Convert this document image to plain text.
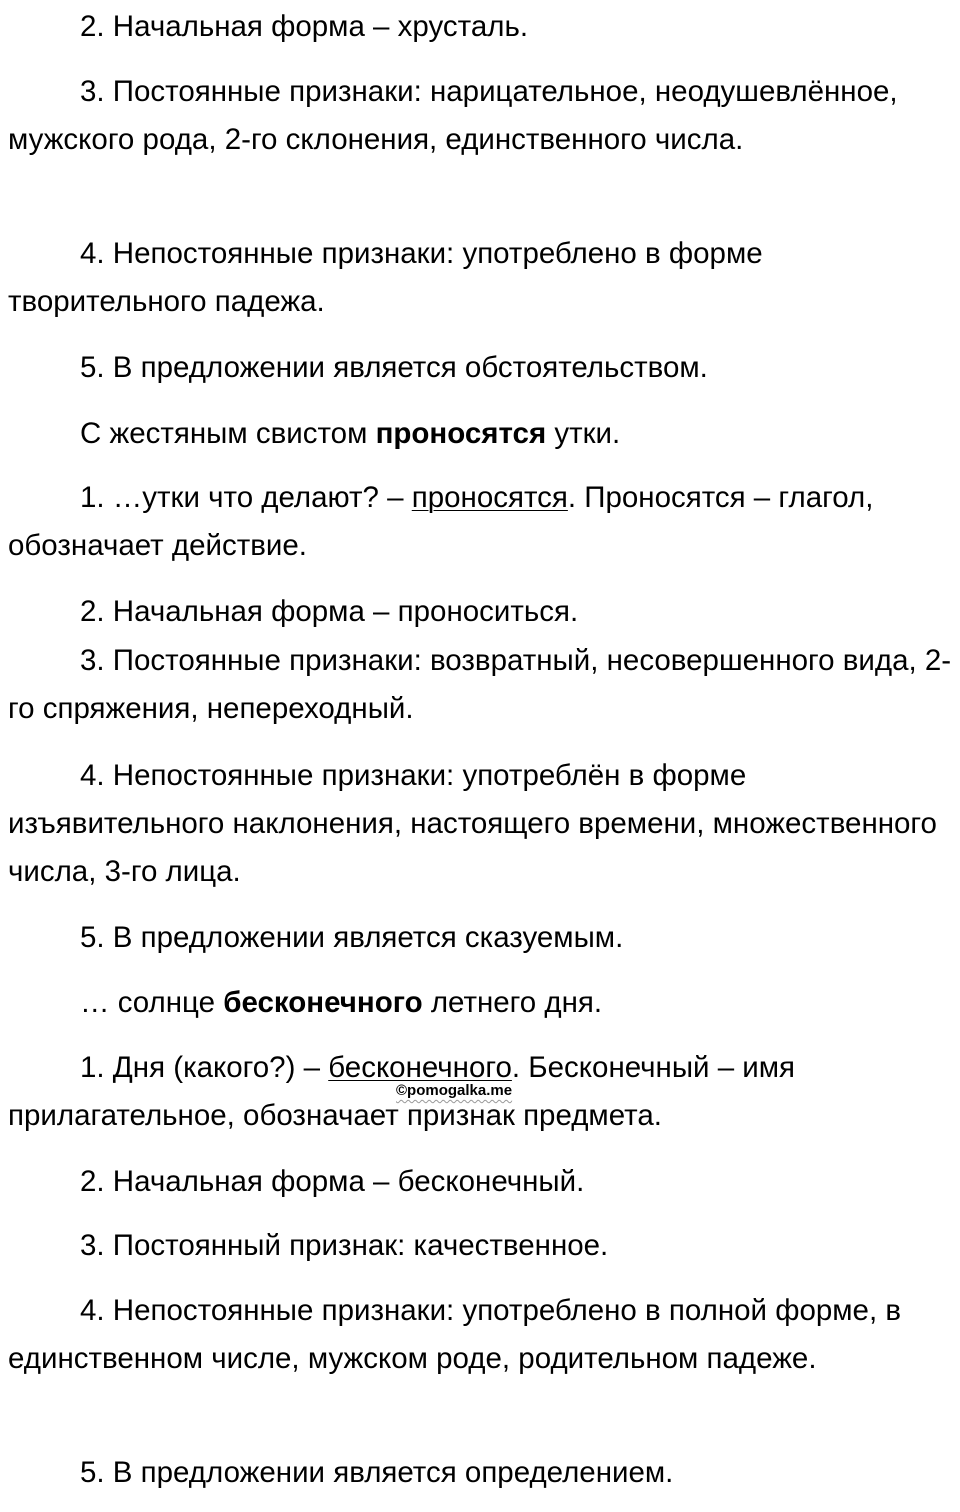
2. Начальная форма – хрусталь.

3. Постоянные признаки: нарицательное, неодушевлённое, мужского рода, 2-го склонения, единственного числа.

4. Непостоянные признаки: употреблено в форме творительного падежа.

5. В предложении является обстоятельством.

С жестяным свистом проносятся утки.

1. …утки что делают? – проносятся. Проносятся – глагол, обозначает действие.

2. Начальная форма – проноситься.

3. Постоянные признаки: возвратный, несовершенного вида, 2-го спряжения, непереходный.

4. Непостоянные признаки: употреблён в форме изъявительного наклонения, настоящего времени, множественного числа, 3-го лица.

5. В предложении является сказуемым.

… солнце бесконечного летнего дня.

1. Дня (какого?) – бесконечного. Бесконечный – имя прилагательное, обозначает признак предмета.

2. Начальная форма – бесконечный.

3. Постоянный признак: качественное.

4. Непостоянные признаки: употреблено в полной форме, в единственном числе, мужском роде, родительном падеже.

5. В предложении является определением.

©pomogalka.me
